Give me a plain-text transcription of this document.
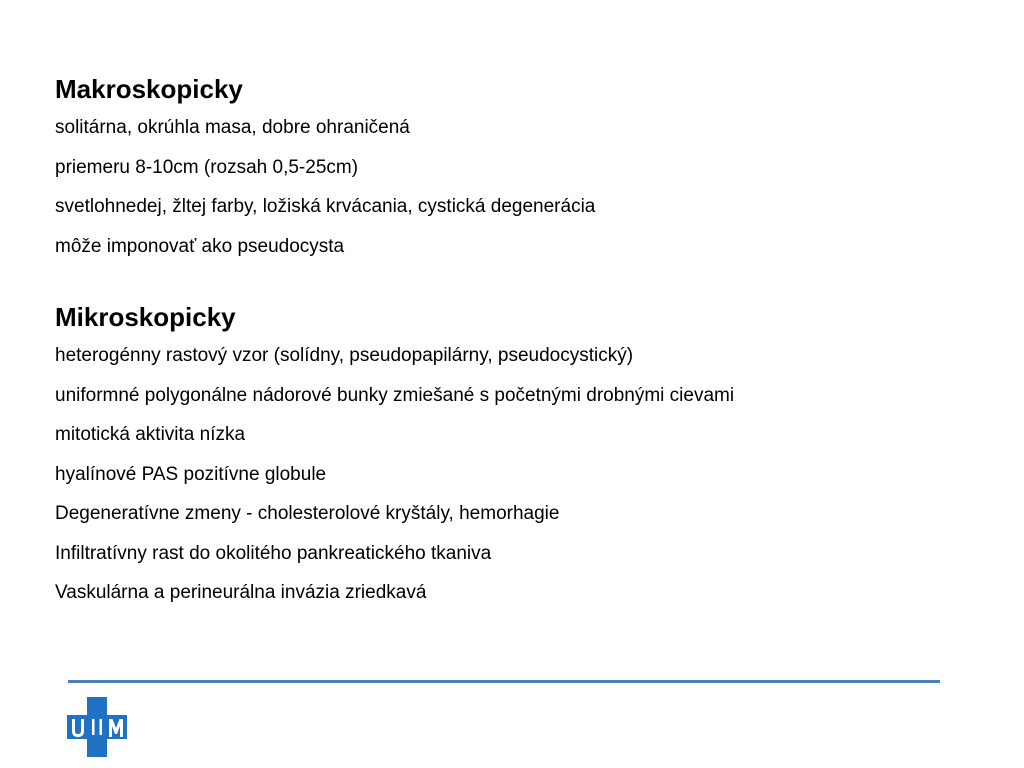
Makroskopicky

solitárna, okrúhla masa, dobre ohraničená

priemeru 8-10cm (rozsah 0,5-25cm)

svetlohnedej, žltej farby, ložiská krvácania, cystická degenerácia

môže imponovať ako pseudocysta

Mikroskopicky

heterogénny rastový vzor (solídny, pseudopapilárny, pseudocystický)

uniformné polygonálne nádorové bunky zmiešané s početnými drobnými cievami

mitotická aktivita nízka

hyalínové PAS pozitívne globule

Degeneratívne zmeny - cholesterolové kryštály, hemorhagie

Infiltratívny rast do okolitého pankreatického tkaniva

Vaskulárna a perineurálna invázia zriedkavá
